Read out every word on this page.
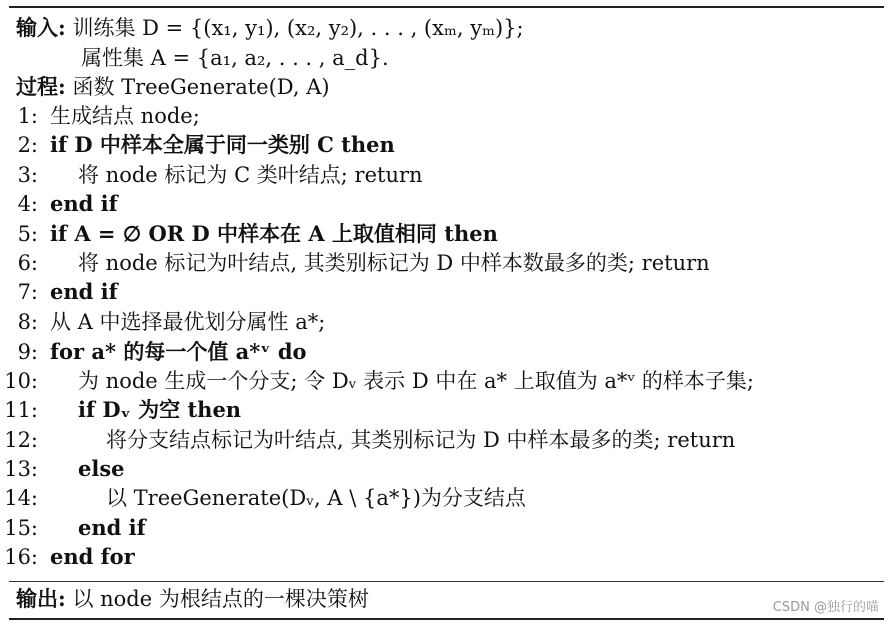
输入: 训练集 D = {(x₁, y₁), (x₂, y₂), . . . , (xₘ, yₘ)};
属性集 A = {a₁, a₂, . . . , a_d}.
过程: 函数 TreeGenerate(D, A)
1: 生成结点 node;
2: if D 中样本全属于同一类别 C then
3: 将 node 标记为 C 类叶结点; return
4: end if
5: if A = ∅ OR D 中样本在 A 上取值相同 then
6: 将 node 标记为叶结点, 其类别标记为 D 中样本数最多的类; return
7: end if
8: 从 A 中选择最优划分属性 a*;
9: for a* 的每一个值 a*ᵛ do
10: 为 node 生成一个分支; 令 Dᵥ 表示 D 中在 a* 上取值为 a*ᵛ 的样本子集;
11: if Dᵥ 为空 then
12:	将分支结点标记为叶结点, 其类别标记为 D 中样本最多的类; return
13: else
14:	以 TreeGenerate(Dᵥ, A \ {a*})为分支结点
15: end if
16: end for
输出: 以 node 为根结点的一棵决策树	CSDN @独行的喵
